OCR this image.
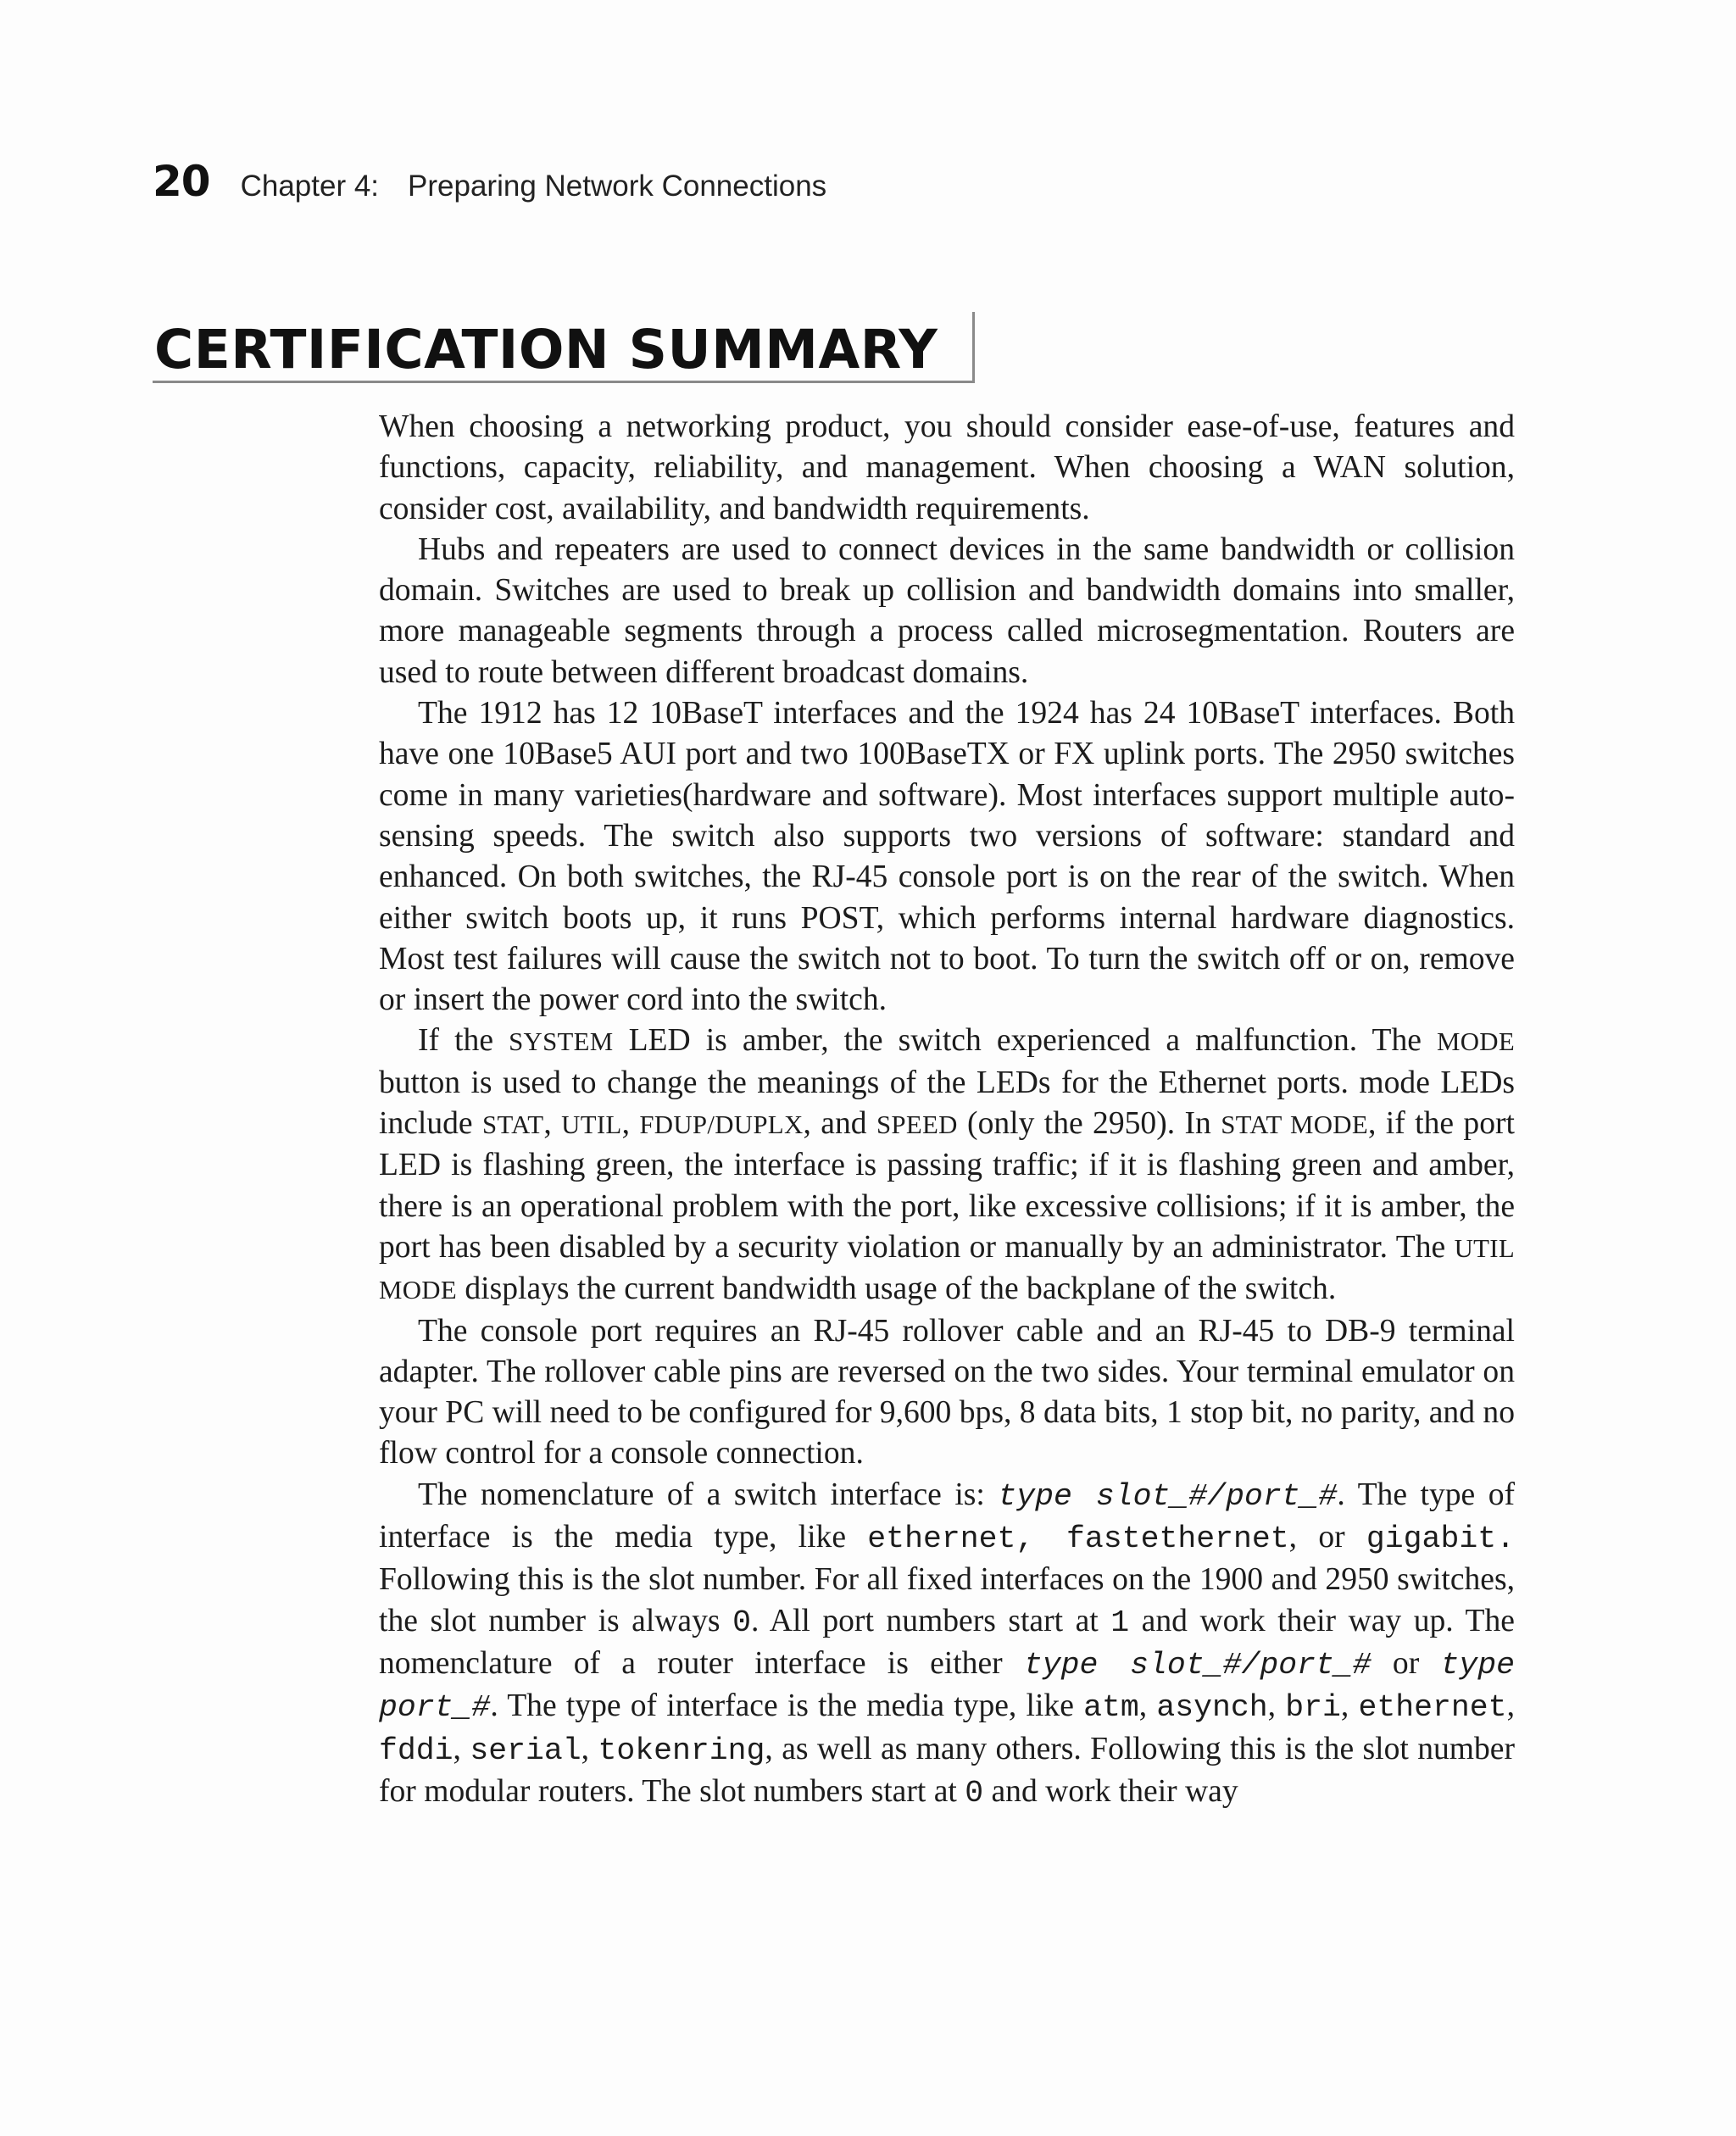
20 Chapter 4: Preparing Network Connections
CERTIFICATION SUMMARY

When choosing a networking product, you should consider ease-of-use, features and functions, capacity, reliability, and management. When choosing a WAN solution, consider cost, availability, and bandwidth requirements.

Hubs and repeaters are used to connect devices in the same bandwidth or collision domain. Switches are used to break up collision and bandwidth domains into smaller, more manageable segments through a process called microsegmentation. Routers are used to route between different broadcast domains.

The 1912 has 12 10BaseT interfaces and the 1924 has 24 10BaseT interfaces. Both have one 10Base5 AUI port and two 100BaseTX or FX uplink ports. The 2950 switches come in many varieties(hardware and software). Most interfaces support multiple auto-sensing speeds. The switch also supports two versions of software: standard and enhanced. On both switches, the RJ-45 console port is on the rear of the switch. When either switch boots up, it runs POST, which performs internal hardware diagnostics. Most test failures will cause the switch not to boot. To turn the switch off or on, remove or insert the power cord into the switch.

If the SYSTEM LED is amber, the switch experienced a malfunction. The MODE button is used to change the meanings of the LEDs for the Ethernet ports. mode LEDs include STAT, UTIL, FDUP/DUPLX, and SPEED (only the 2950). In STAT MODE, if the port LED is flashing green, the interface is passing traffic; if it is flashing green and amber, there is an operational problem with the port, like excessive collisions; if it is amber, the port has been disabled by a security violation or manually by an administrator. The UTIL MODE displays the current bandwidth usage of the backplane of the switch.

The console port requires an RJ-45 rollover cable and an RJ-45 to DB-9 terminal adapter. The rollover cable pins are reversed on the two sides. Your terminal emulator on your PC will need to be configured for 9,600 bps, 8 data bits, 1 stop bit, no parity, and no flow control for a console connection.

The nomenclature of a switch interface is: type slot_#/port_#. The type of interface is the media type, like ethernet, fastethernet, or gigabit. Following this is the slot number. For all fixed interfaces on the 1900 and 2950 switches, the slot number is always 0. All port numbers start at 1 and work their way up. The nomenclature of a router interface is either type slot_#/port_# or type port_#. The type of interface is the media type, like atm, asynch, bri, ethernet, fddi, serial, tokenring, as well as many others. Following this is the slot number for modular routers. The slot numbers start at 0 and work their way
